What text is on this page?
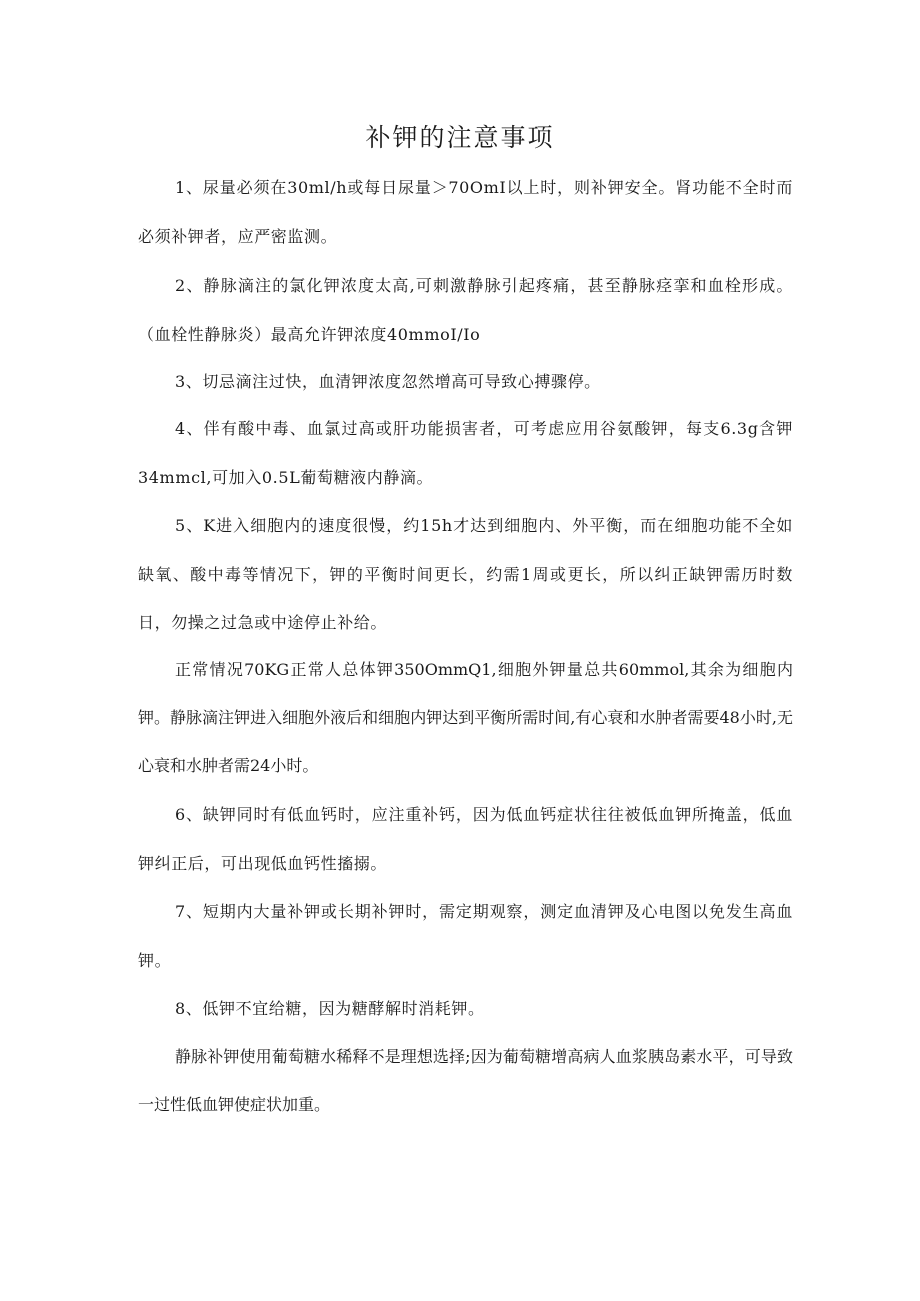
补钾的注意事项

1、尿量必须在30ml/h或每日尿量＞70OmI以上时，则补钾安全。肾功能不全时而必须补钾者，应严密监测。

2、静脉滴注的氯化钾浓度太高,可刺激静脉引起疼痛，甚至静脉痉挛和血栓形成。（血栓性静脉炎）最高允许钾浓度40mmoI/Io

3、切忌滴注过快，血清钾浓度忽然增高可导致心搏骤停。

4、伴有酸中毒、血氯过高或肝功能损害者，可考虑应用谷氨酸钾，每支6.3g含钾34mmcl,可加入0.5L葡萄糖液内静滴。

5、K进入细胞内的速度很慢，约15h才达到细胞内、外平衡，而在细胞功能不全如缺氧、酸中毒等情况下，钾的平衡时间更长，约需1周或更长，所以纠正缺钾需历时数日，勿操之过急或中途停止补给。

正常情况70KG正常人总体钾350OmmQ1,细胞外钾量总共60mmol,其余为细胞内钾。静脉滴注钾进入细胞外液后和细胞内钾达到平衡所需时间,有心衰和水肿者需要48小时,无心衰和水肿者需24小时。

6、缺钾同时有低血钙时，应注重补钙，因为低血钙症状往往被低血钾所掩盖，低血钾纠正后，可出现低血钙性搐搦。

7、短期内大量补钾或长期补钾时，需定期观察，测定血清钾及心电图以免发生高血钾。

8、低钾不宜给糖，因为糖酵解时消耗钾。

静脉补钾使用葡萄糖水稀释不是理想选择;因为葡萄糖增高病人血浆胰岛素水平，可导致一过性低血钾使症状加重。
